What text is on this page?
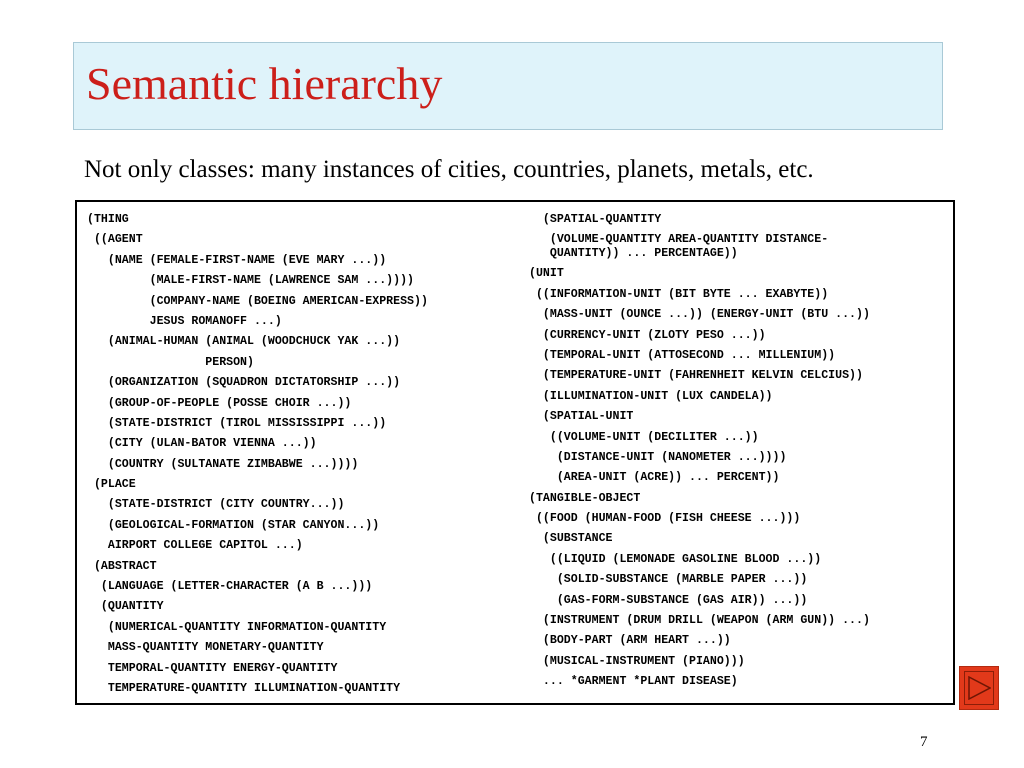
Semantic hierarchy

Not only classes: many instances of cities, countries, planets, metals, etc.

(THING
((AGENT
(NAME (FEMALE-FIRST-NAME (EVE MARY ...))
(MALE-FIRST-NAME (LAWRENCE SAM ...))))
(COMPANY-NAME (BOEING AMERICAN-EXPRESS))
JESUS ROMANOFF ...)
(ANIMAL-HUMAN (ANIMAL (WOODCHUCK YAK ...))
PERSON)
(ORGANIZATION (SQUADRON DICTATORSHIP ...))
(GROUP-OF-PEOPLE (POSSE CHOIR ...))
(STATE-DISTRICT (TIROL MISSISSIPPI ...))
(CITY (ULAN-BATOR VIENNA ...))
(COUNTRY (SULTANATE ZIMBABWE ...))))
(PLACE
(STATE-DISTRICT (CITY COUNTRY...))
(GEOLOGICAL-FORMATION (STAR CANYON...))
AIRPORT COLLEGE CAPITOL ...)
(ABSTRACT
(LANGUAGE (LETTER-CHARACTER (A B ...)))
(QUANTITY
(NUMERICAL-QUANTITY INFORMATION-QUANTITY
MASS-QUANTITY MONETARY-QUANTITY
TEMPORAL-QUANTITY ENERGY-QUANTITY
TEMPERATURE-QUANTITY ILLUMINATION-QUANTITY
(SPATIAL-QUANTITY
(VOLUME-QUANTITY AREA-QUANTITY DISTANCE-
QUANTITY)) ... PERCENTAGE))
(UNIT
((INFORMATION-UNIT (BIT BYTE ... EXABYTE))
(MASS-UNIT (OUNCE ...)) (ENERGY-UNIT (BTU ...))
(CURRENCY-UNIT (ZLOTY PESO ...))
(TEMPORAL-UNIT (ATTOSECOND ... MILLENIUM))
(TEMPERATURE-UNIT (FAHRENHEIT KELVIN CELCIUS))
(ILLUMINATION-UNIT (LUX CANDELA))
(SPATIAL-UNIT
((VOLUME-UNIT (DECILITER ...))
(DISTANCE-UNIT (NANOMETER ...))))
(AREA-UNIT (ACRE)) ... PERCENT))
(TANGIBLE-OBJECT
((FOOD (HUMAN-FOOD (FISH CHEESE ...)))
(SUBSTANCE
((LIQUID (LEMONADE GASOLINE BLOOD ...))
(SOLID-SUBSTANCE (MARBLE PAPER ...))
(GAS-FORM-SUBSTANCE (GAS AIR)) ...))
(INSTRUMENT (DRUM DRILL (WEAPON (ARM GUN)) ...)
(BODY-PART (ARM HEART ...))
(MUSICAL-INSTRUMENT (PIANO)))
... *GARMENT *PLANT DISEASE)
7
